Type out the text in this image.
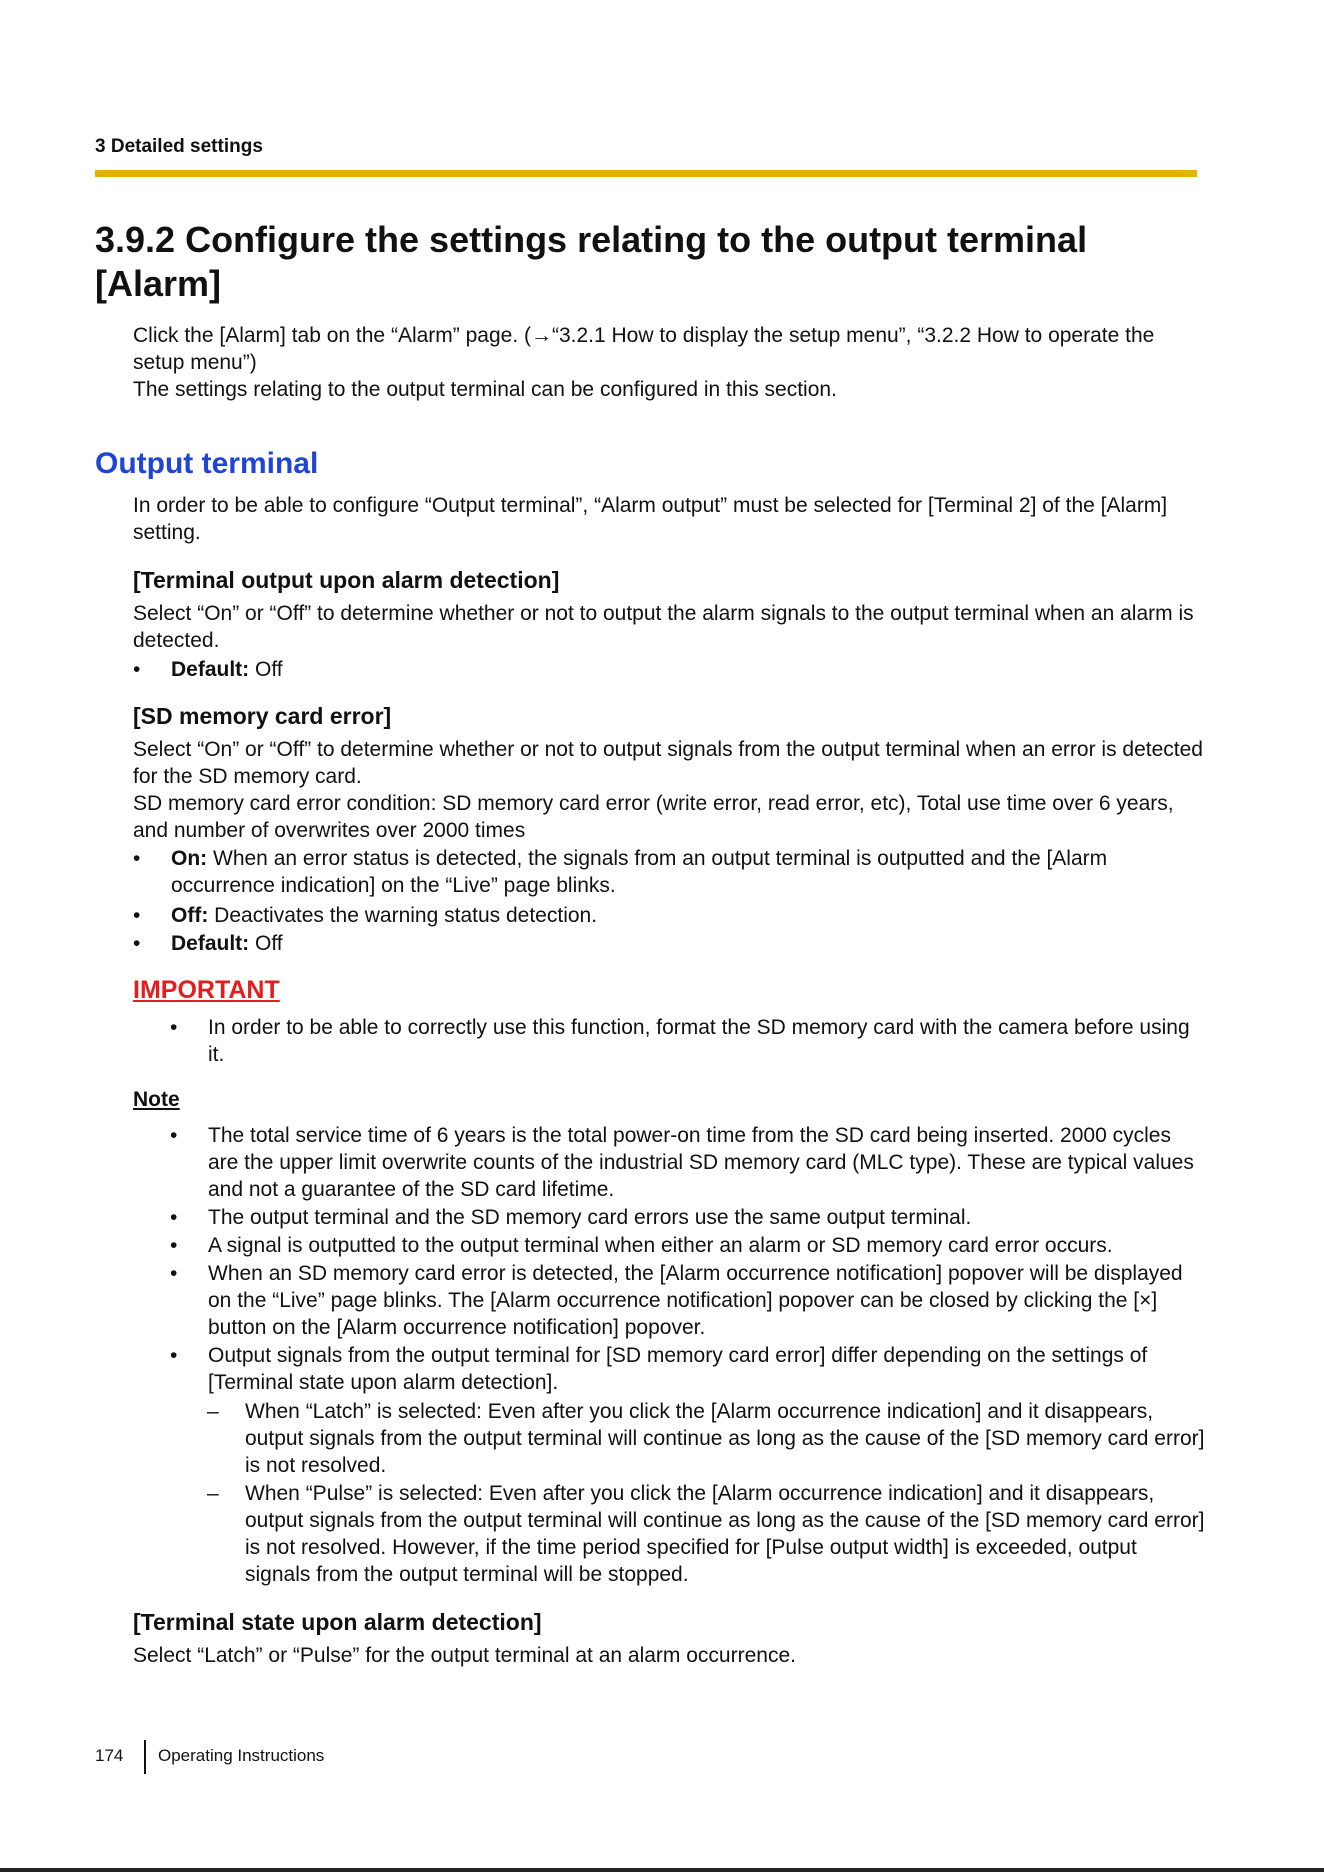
3 Detailed settings
3.9.2 Configure the settings relating to the output terminal [Alarm]

Click the [Alarm] tab on the “Alarm” page. (→“3.2.1 How to display the setup menu”, “3.2.2 How to operate the setup menu”)

The settings relating to the output terminal can be configured in this section.

Output terminal

In order to be able to configure “Output terminal”, “Alarm output” must be selected for [Terminal 2] of the [Alarm] setting.

[Terminal output upon alarm detection]

Select “On” or “Off” to determine whether or not to output the alarm signals to the output terminal when an alarm is detected.

• Default: Off
[SD memory card error]

Select “On” or “Off” to determine whether or not to output signals from the output terminal when an error is detected for the SD memory card.

SD memory card error condition: SD memory card error (write error, read error, etc), Total use time over 6 years, and number of overwrites over 2000 times

• On: When an error status is detected, the signals from an output terminal is outputted and the [Alarm occurrence indication] on the “Live” page blinks.
• Off: Deactivates the warning status detection.
• Default: Off

IMPORTANT

• In order to be able to correctly use this function, format the SD memory card with the camera before using it.

Note

• The total service time of 6 years is the total power-on time from the SD card being inserted. 2000 cycles are the upper limit overwrite counts of the industrial SD memory card (MLC type). These are typical values and not a guarantee of the SD card lifetime.
• The output terminal and the SD memory card errors use the same output terminal.
• A signal is outputted to the output terminal when either an alarm or SD memory card error occurs.
• When an SD memory card error is detected, the [Alarm occurrence notification] popover will be displayed on the “Live” page blinks. The [Alarm occurrence notification] popover can be closed by clicking the [×] button on the [Alarm occurrence notification] popover.
• Output signals from the output terminal for [SD memory card error] differ depending on the settings of [Terminal state upon alarm detection].
– When “Latch” is selected: Even after you click the [Alarm occurrence indication] and it disappears, output signals from the output terminal will continue as long as the cause of the [SD memory card error] is not resolved.
– When “Pulse” is selected: Even after you click the [Alarm occurrence indication] and it disappears, output signals from the output terminal will continue as long as the cause of the [SD memory card error] is not resolved. However, if the time period specified for [Pulse output width] is exceeded, output signals from the output terminal will be stopped.
[Terminal state upon alarm detection]

Select “Latch” or “Pulse” for the output terminal at an alarm occurrence.

174 Operating Instructions
